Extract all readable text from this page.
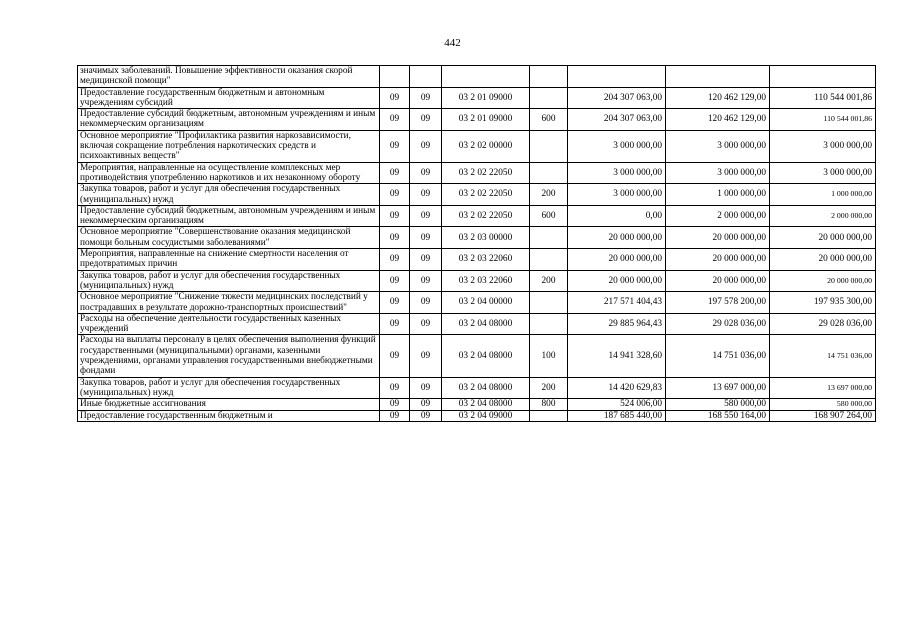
442
значимых заболеваний. Повышение эффективности оказания скорой медицинской помощи"							
Предоставление государственным бюджетным и автономным учреждениям субсидий	09	09	03 2 01 09000		204 307 063,00	120 462 129,00	110 544 001,86
Предоставление субсидий бюджетным, автономным учреждениям и иным некоммерческим организациям	09	09	03 2 01 09000	600	204 307 063,00	120 462 129,00	110 544 001,86
Основное мероприятие "Профилактика развития наркозависимости, включая сокращение потребления наркотических средств и психоактивных веществ"	09	09	03 2 02 00000		3 000 000,00	3 000 000,00	3 000 000,00
Мероприятия, направленные на осуществление комплексных мер противодействия употреблению наркотиков и их незаконному обороту	09	09	03 2 02 22050		3 000 000,00	3 000 000,00	3 000 000,00
Закупка товаров, работ и услуг для обеспечения государственных (муниципальных) нужд	09	09	03 2 02 22050	200	3 000 000,00	1 000 000,00	1 000 000,00
Предоставление субсидий бюджетным, автономным учреждениям и иным некоммерческим организациям	09	09	03 2 02 22050	600	0,00	2 000 000,00	2 000 000,00
Основное мероприятие "Совершенствование оказания медицинской помощи больным сосудистыми заболеваниями"	09	09	03 2 03 00000		20 000 000,00	20 000 000,00	20 000 000,00
Мероприятия, направленные на снижение смертности населения от предотвратимых причин	09	09	03 2 03 22060		20 000 000,00	20 000 000,00	20 000 000,00
Закупка товаров, работ и услуг для обеспечения государственных (муниципальных) нужд	09	09	03 2 03 22060	200	20 000 000,00	20 000 000,00	20 000 000,00
Основное мероприятие "Снижение тяжести медицинских последствий у пострадавших в результате дорожно-транспортных происшествий"	09	09	03 2 04 00000		217 571 404,43	197 578 200,00	197 935 300,00
Расходы на обеспечение деятельности государственных казенных учреждений	09	09	03 2 04 08000		29 885 964,43	29 028 036,00	29 028 036,00
Расходы на выплаты персоналу в целях обеспечения выполнения функций государственными (муниципальными) органами, казенными учреждениями, органами управления государственными внебюджетными фондами	09	09	03 2 04 08000	100	14 941 328,60	14 751 036,00	14 751 036,00
Закупка товаров, работ и услуг для обеспечения государственных (муниципальных) нужд	09	09	03 2 04 08000	200	14 420 629,83	13 697 000,00	13 697 000,00
Иные бюджетные ассигнования	09	09	03 2 04 08000	800	524 006,00	580 000,00	580 000,00
Предоставление государственным бюджетным и	09	09	03 2 04 09000		187 685 440,00	168 550 164,00	168 907 264,00
